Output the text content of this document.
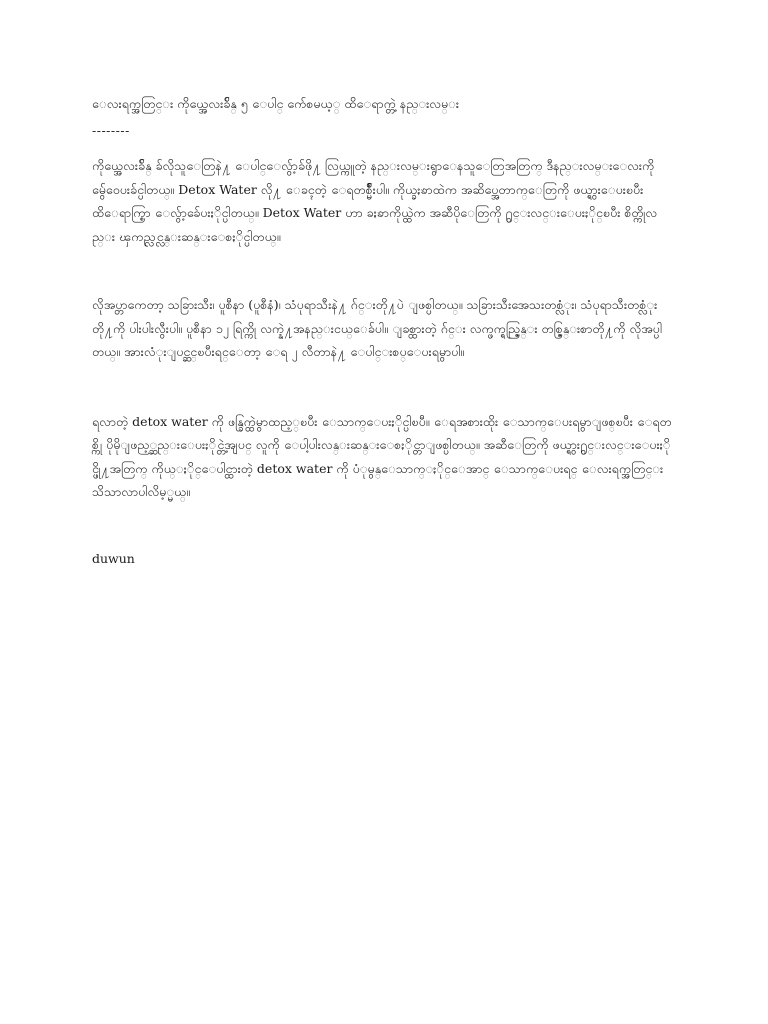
ေလးရက္အတြင္း ကိုယ္အေလးခ်ိန္ ၅ ေပါင္ က်ေစမယ့္ ထိေရာက္တဲ့ နည္းလမ္း

--------

ကိုယ္အေလးခ်ိန္ ခ်လိုသူေတြနဲ႔ ေပါင္ေလွ်ာ့ခ်ဖို႔ လြယ္ကူတဲ့ နည္းလမ္းရွာေနသူေတြအတြက္ ဒီနည္းလမ္းေလးကို မွ်ေဝေပးခ်င္ပါတယ္။ Detox Water လို႔ ေခၚတဲ့ ေရတစ္မ်ိဳးပါ။ ကိုယ္ခႏၶာထဲက အဆိပ္အေတာက္ေတြကို ဖယ္ရွားေပးၿပီး ထိေရာက္စြာ ေလွ်ာ့ခ်ေပးႏိုင္ပါတယ္။ Detox Water ဟာ ခႏၶာကိုယ္ထဲက အဆီပိုေတြကို ႐ွင္းလင္းေပးႏိုင္ၿပီး စိတ္ကိုလည္း ၾကည္လင္လန္းဆန္းေစႏိုင္ပါတယ္။

လိုအပ္တာကေတာ့ သခြားသီး၊ ပူစီနာ (ပူစီနံ)၊ သံပုရာသီးနဲ႔ ဂ်င္းတို႔ပဲ ျဖစ္ပါတယ္။ သခြားသီးအေသးတစ္လံုး၊ သံပုရာသီးတစ္လံုးတို႔ကို ပါးပါးလွီးပါ။ ပူစီနာ ၁၂ ရြက္ကို လက္နဲ႔အနည္းငယ္ေခ်ပါ။ ျခစ္ထားတဲ့ ဂ်င္း လက္ဖက္ရည္ဇြန္း တစ္ဇြန္းစာတို႔ကို လိုအပ္ပါတယ္။ အားလံုးျပင္ဆင္ၿပီးရင္ေတာ့ ေရ ၂ လီတာနဲ႔ ေပါင္းစပ္ေပးရမွာပါ။

ရလာတဲ့ detox water ကို ဖန္ခြက္ထဲမွာထည့္ၿပီး ေသာက္ေပးႏိုင္ပါၿပီ။ ေရအစားထိုး ေသာက္ေပးရမွာျဖစ္ၿပီး ေရတစ္ကို ပိုမိုျဖည့္ဆည္းေပးႏိုင္တဲ့အျပင္ လူကို ေပါ့ပါးလန္းဆန္းေစႏိုင္တာျဖစ္ပါတယ္။ အဆီေတြကို ဖယ္ရွား႐ွင္းလင္းေပးႏိုင္ဖို႔အတြက္ ကိုယ္ႏိုင္ေပါင္ထားတဲ့ detox water ကို ပံုမွန္ေသာက္ႏိုင္ေအာင္ ေသာက္ေပးရင္ ေလးရက္အတြင္း သိသာလာပါလိမ့္မယ္။

duwun
